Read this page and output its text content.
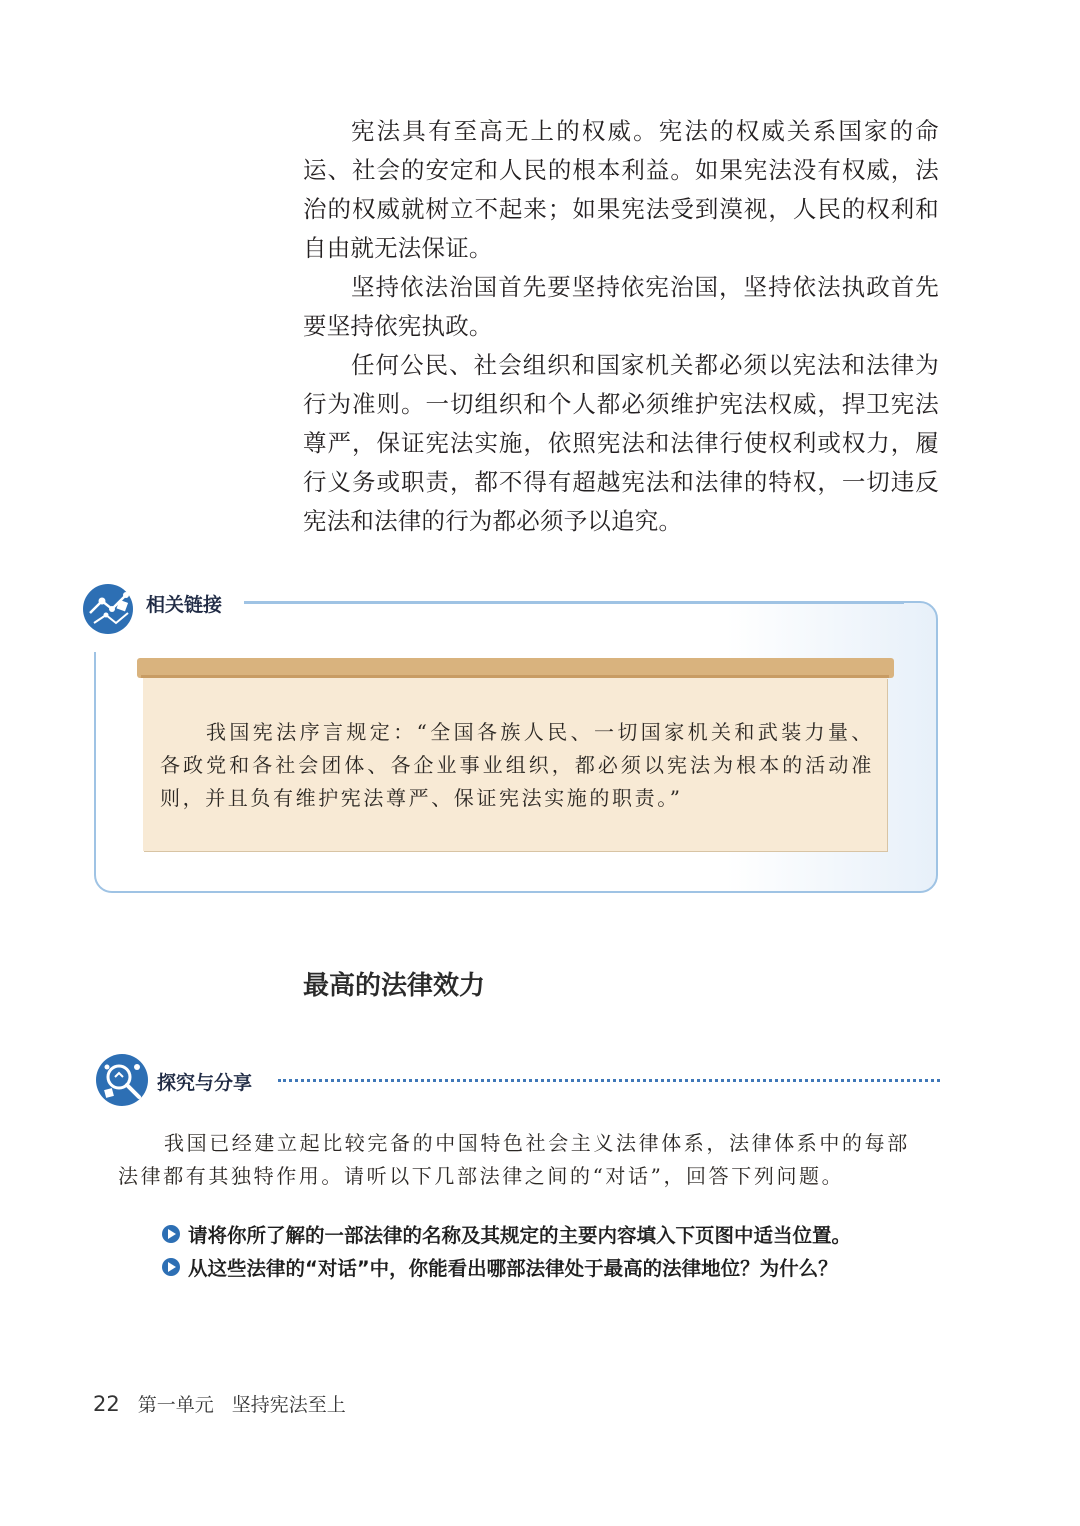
宪法具有至高无上的权威。宪法的权威关系国家的命运、社会的安定和人民的根本利益。如果宪法没有权威，法治的权威就树立不起来；如果宪法受到漠视，人民的权利和自由就无法保证。

坚持依法治国首先要坚持依宪治国，坚持依法执政首先要坚持依宪执政。

任何公民、社会组织和国家机关都必须以宪法和法律为行为准则。一切组织和个人都必须维护宪法权威，捍卫宪法尊严，保证宪法实施，依照宪法和法律行使权利或权力，履行义务或职责，都不得有超越宪法和法律的特权，一切违反宪法和法律的行为都必须予以追究。

相关链接

我国宪法序言规定：“全国各族人民、一切国家机关和武装力量、各政党和各社会团体、各企业事业组织，都必须以宪法为根本的活动准则，并且负有维护宪法尊严、保证宪法实施的职责。”

最高的法律效力
探究与分享

我国已经建立起比较完备的中国特色社会主义法律体系，法律体系中的每部法律都有其独特作用。请听以下几部法律之间的“对话”，回答下列问题。

请将你所了解的一部法律的名称及其规定的主要内容填入下页图中适当位置。
从这些法律的“对话”中，你能看出哪部法律处于最高的法律地位？为什么？
22 第一单元 坚持宪法至上
